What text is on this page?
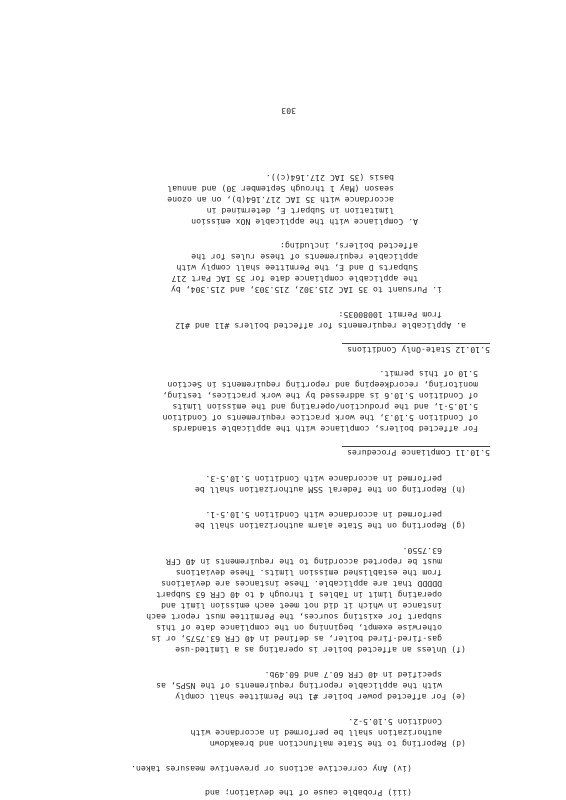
(iii) Probable cause of the deviation; and
(iv) Any corrective actions or preventive measures taken.
(d) Reporting to the State malfunction and breakdown
authorization shall be performed in accordance with
Condition 5.10.5-2.
(e) For affected power boiler #1 the Permittee shall comply
with the applicable reporting requirements of the NSPS, as
specified in 40 CFR 60.7 and 60.49b.
(f) Unless an affected boiler is operating as a limited-use
gas-fired-fired boiler, as defined in 40 CFR 63.7575, or is
otherwise exempt, beginning on the compliance date of this
subpart for existing sources, the Permittee must report each
instance in which it did not meet each emission limit and
operating limit in Tables 1 through 4 to 40 CFR 63 Subpart
DDDDD that are applicable. These instances are deviations
from the established emission limits. These deviations
must be reported according to the requirements in 40 CFR
63.7550.
(g) Reporting on the State alarm authorization shall be
performed in accordance with Condition 5.10.5-1.
(h) Reporting on the federal SSM authorization shall be
performed in accordance with Condition 5.10.5-3.
5.10.11 Compliance Procedures
For affected boilers, compliance with the applicable standards
of Condition 5.10.3, the work practice requirements of Condition
5.10.5-1, and the production/operating and the emission limits
of Condition 5.10.6 is addressed by the work practices, testing,
monitoring, recordkeeping and reporting requirements in Section
5.10 of this permit.
5.10.12 State-Only Conditions
a. Applicable requirements for affected boilers #11 and #12
from Permit 10080035:
i. Pursuant to 35 IAC 215.302, 215.303, and 215.304, by
the applicable compliance date for 35 IAC Part 217
Subparts D and E, the Permittee shall comply with
applicable requirements of these rules for the
affected boilers, including:
A. Compliance with the applicable NOx emission
limitation in Subpart E, determined in
accordance with 35 IAC 217.164(b), on an ozone
season (May 1 through September 30) and annual
basis (35 IAC 217.164(c)).
303
